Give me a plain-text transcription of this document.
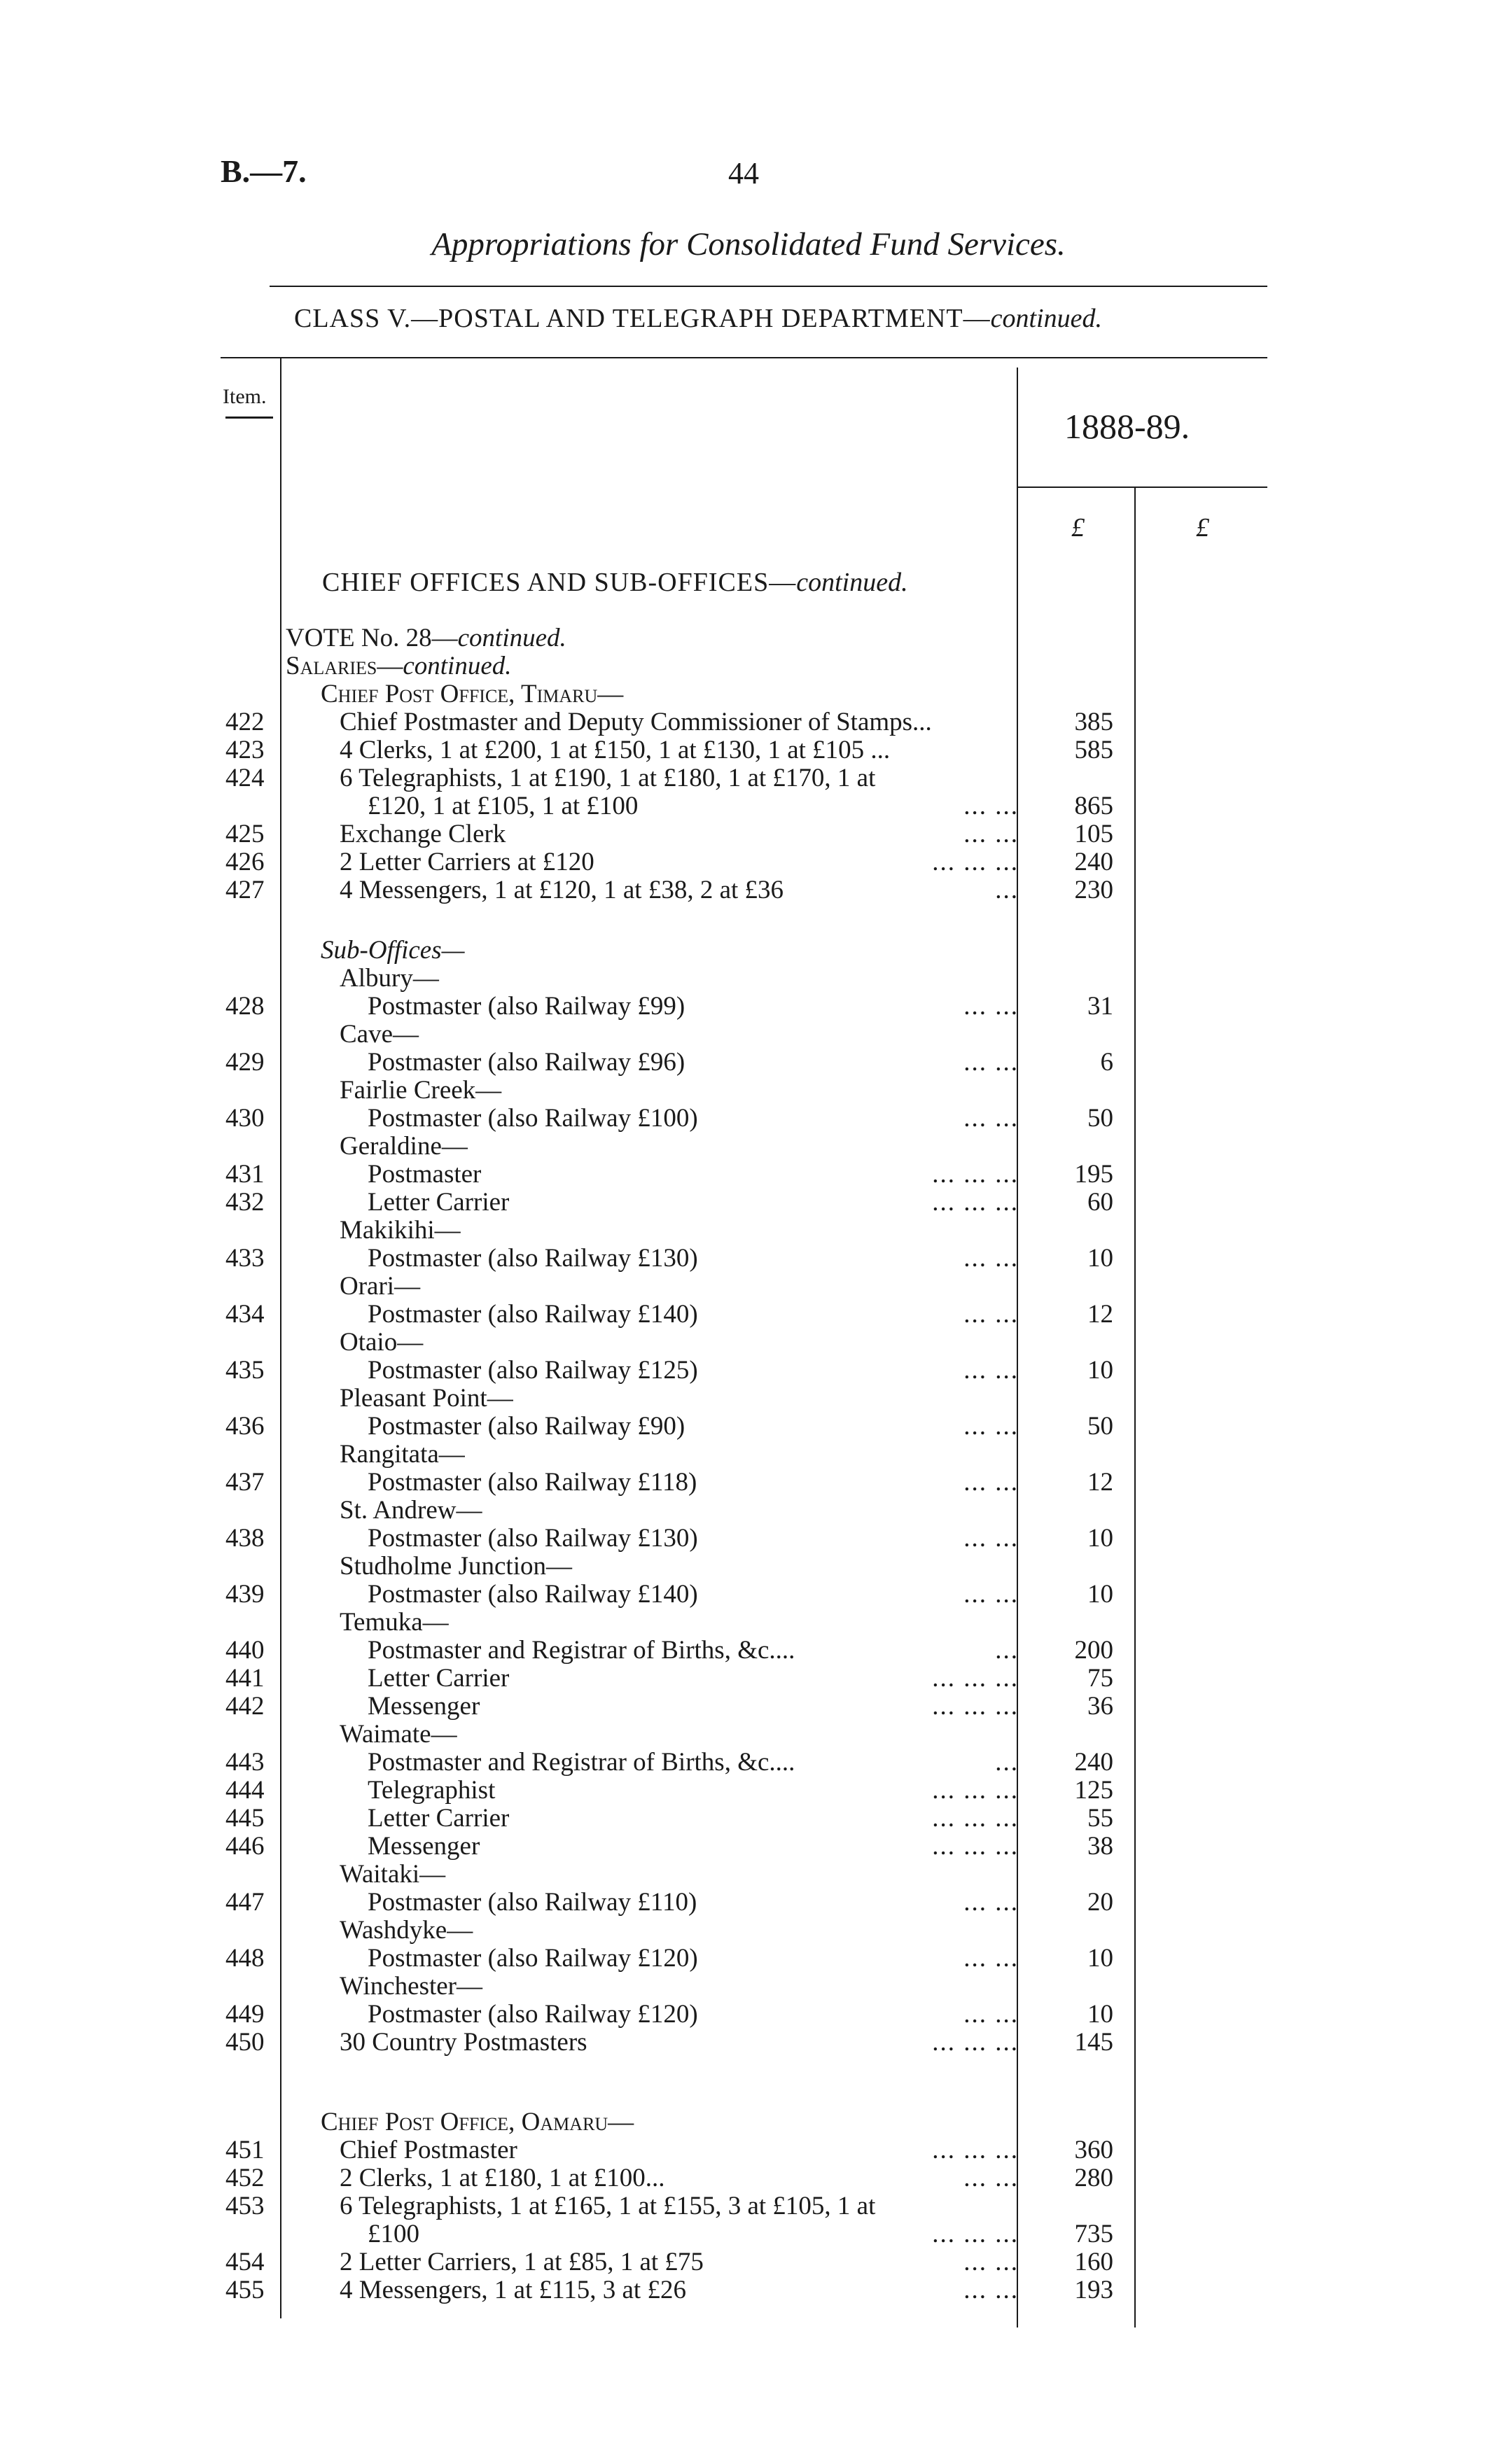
B.—7.	44
Appropriations for Consolidated Fund Services.
CLASS V.—POSTAL AND TELEGRAPH DEPARTMENT—continued.
Item.
1888-89.
£	£
CHIEF OFFICES AND SUB-OFFICES—continued.
VOTE No. 28—continued.
Salaries—continued.
Chief Post Office, Timaru—
422	Chief Postmaster and Deputy Commissioner of Stamps...	385
423	4 Clerks, 1 at £200, 1 at £150, 1 at £130, 1 at £105 ...	585
424	6 Telegraphists, 1 at £190, 1 at £180, 1 at £170, 1 at
£120, 1 at £105, 1 at £100	... ...	865
425	Exchange Clerk	... ...	105
426	2 Letter Carriers at £120	... ... ...	240
427	4 Messengers, 1 at £120, 1 at £38, 2 at £36	...	230
Sub-Offices—
Albury—
428	Postmaster (also Railway £99)	... ...	31
Cave—
429	Postmaster (also Railway £96)	... ...	6
Fairlie Creek—
430	Postmaster (also Railway £100)	... ...	50
Geraldine—
431	Postmaster	... ... ...	195
432	Letter Carrier	... ... ...	60
Makikihi—
433	Postmaster (also Railway £130)	... ...	10
Orari—
434	Postmaster (also Railway £140)	... ...	12
Otaio—
435	Postmaster (also Railway £125)	... ...	10
Pleasant Point—
436	Postmaster (also Railway £90)	... ...	50
Rangitata—
437	Postmaster (also Railway £118)	... ...	12
St. Andrew—
438	Postmaster (also Railway £130)	... ...	10
Studholme Junction—
439	Postmaster (also Railway £140)	... ...	10
Temuka—
440	Postmaster and Registrar of Births, &c....	...	200
441	Letter Carrier	... ... ...	75
442	Messenger	... ... ...	36
Waimate—
443	Postmaster and Registrar of Births, &c....	...	240
444	Telegraphist	... ... ...	125
445	Letter Carrier	... ... ...	55
446	Messenger	... ... ...	38
Waitaki—
447	Postmaster (also Railway £110)	... ...	20
Washdyke—
448	Postmaster (also Railway £120)	... ...	10
Winchester—
449	Postmaster (also Railway £120)	... ...	10
450	30 Country Postmasters	... ... ...	145
Chief Post Office, Oamaru—
451	Chief Postmaster	... ... ...	360
452	2 Clerks, 1 at £180, 1 at £100...	... ...	280
453	6 Telegraphists, 1 at £165, 1 at £155, 3 at £105, 1 at
£100	... ... ...	735
454	2 Letter Carriers, 1 at £85, 1 at £75	... ...	160
455	4 Messengers, 1 at £115, 3 at £26	... ...	193
